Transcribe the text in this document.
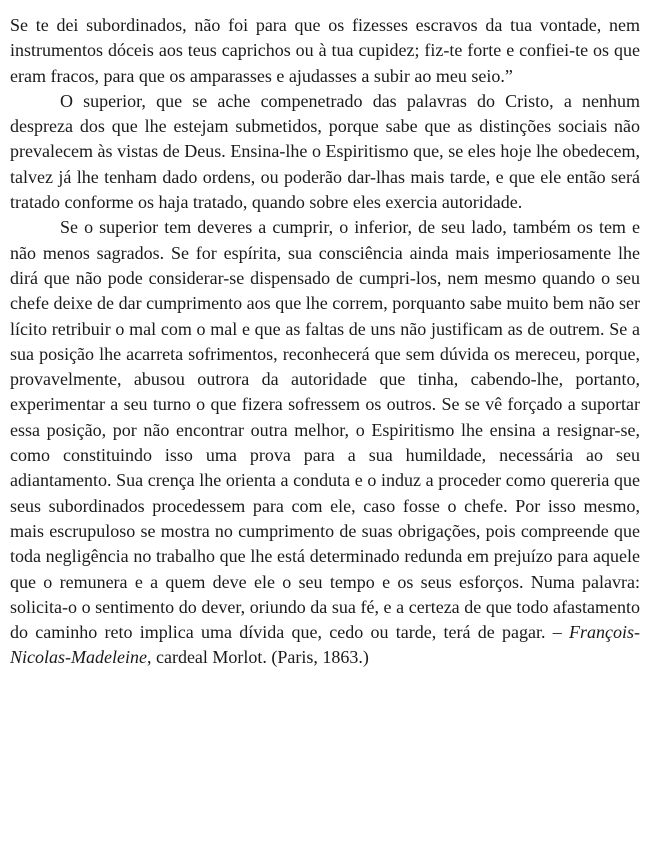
Se te dei subordinados, não foi para que os fizesses escravos da tua vontade, nem instrumentos dóceis aos teus caprichos ou à tua cupidez; fiz-te forte e confiei-te os que eram fracos, para que os amparasses e ajudasses a subir ao meu seio.”

O superior, que se ache compenetrado das palavras do Cristo, a nenhum despreza dos que lhe estejam submetidos, porque sabe que as distinções sociais não prevalecem às vistas de Deus. Ensina-lhe o Espiritismo que, se eles hoje lhe obedecem, talvez já lhe tenham dado ordens, ou poderão dar-lhas mais tarde, e que ele então será tratado conforme os haja tratado, quando sobre eles exercia autoridade.

Se o superior tem deveres a cumprir, o inferior, de seu lado, também os tem e não menos sagrados. Se for espírita, sua consciência ainda mais imperiosamente lhe dirá que não pode considerar-se dispensado de cumpri-los, nem mesmo quando o seu chefe deixe de dar cumprimento aos que lhe correm, porquanto sabe muito bem não ser lícito retribuir o mal com o mal e que as faltas de uns não justificam as de outrem. Se a sua posição lhe acarreta sofrimentos, reconhecerá que sem dúvida os mereceu, porque, provavelmente, abusou outrora da autoridade que tinha, cabendo-lhe, portanto, experimentar a seu turno o que fizera sofressem os outros. Se se vê forçado a suportar essa posição, por não encontrar outra melhor, o Espiritismo lhe ensina a resignar-se, como constituindo isso uma prova para a sua humildade, necessária ao seu adiantamento. Sua crença lhe orienta a conduta e o induz a proceder como quereria que seus subordinados procedessem para com ele, caso fosse o chefe. Por isso mesmo, mais escrupuloso se mostra no cumprimento de suas obrigações, pois compreende que toda negligência no trabalho que lhe está determinado redunda em prejuízo para aquele que o remunera e a quem deve ele o seu tempo e os seus esforços. Numa palavra: solicita-o o sentimento do dever, oriundo da sua fé, e a certeza de que todo afastamento do caminho reto implica uma dívida que, cedo ou tarde, terá de pagar. – François-Nicolas-Madeleine, cardeal Morlot. (Paris, 1863.)
